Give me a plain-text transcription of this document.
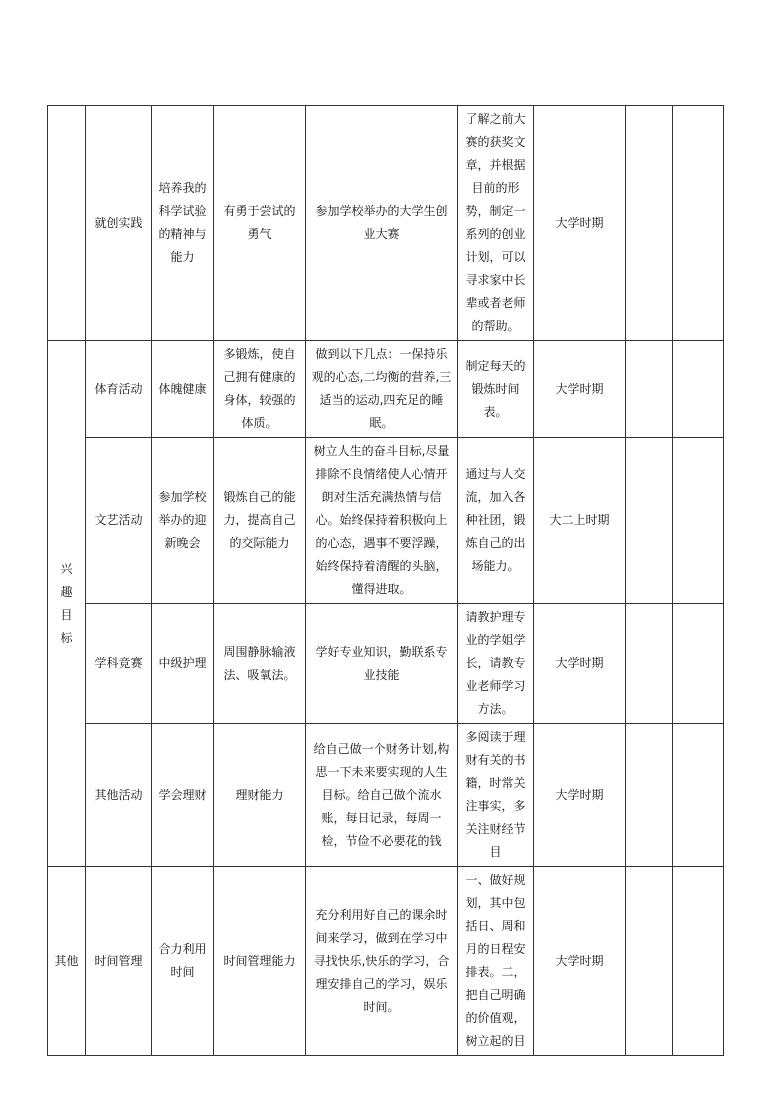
	就创实践	培养我的科学试验的精神与能力	有勇于尝试的勇气	参加学校举办的大学生创业大赛	了解之前大赛的获奖文章，并根据目前的形势，制定一系列的创业计划，可以寻求家中长辈或者老师的帮助。	大学时期		
兴趣目标	体育活动	体魄健康	多锻炼，使自己拥有健康的身体，较强的体质。	做到以下几点：一保持乐观的心态,二均衡的营养,三适当的运动,四充足的睡眠。	制定每天的锻炼时间表。	大学时期		
	文艺活动	参加学校举办的迎新晚会	锻炼自己的能力，提高自己的交际能力	树立人生的奋斗目标,尽量排除不良情绪使人心情开朗对生活充满热情与信心。始终保持着积极向上的心态，遇事不要浮躁，始终保持着清醒的头脑，懂得进取。	通过与人交流，加入各种社团，锻炼自己的出场能力。	大二上时期		
	学科竞赛	中级护理	周围静脉输液法、吸氧法。	学好专业知识，勤联系专业技能	请教护理专业的学姐学长，请教专业老师学习方法。	大学时期		
	其他活动	学会理财	理财能力	给自己做一个财务计划,构思一下未来要实现的人生目标。给自己做个流水账，每日记录，每周一检，节俭不必要花的钱	多阅读于理财有关的书籍，时常关注事实，多关注财经节目	大学时期		
其他	时间管理	合力利用时间	时间管理能力	充分利用好自己的课余时间来学习，做到在学习中寻找快乐,快乐的学习，合理安排自己的学习，娱乐时间。	一、做好规划，其中包括日、周和月的日程安排表。二，把自己明确的价值观，树立起的目	大学时期		
